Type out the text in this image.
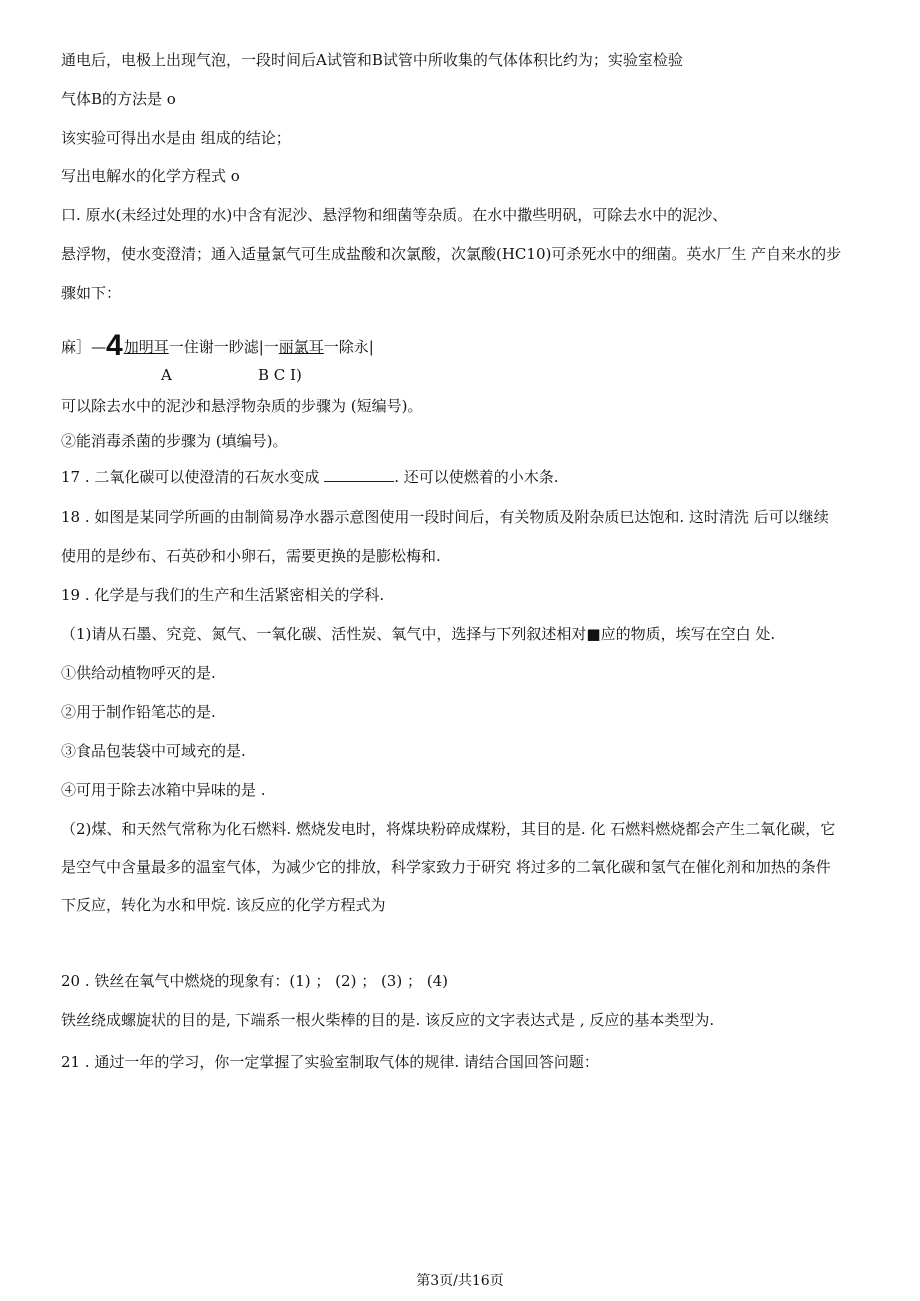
通电后，电极上出现气泡，一段时间后A试管和B试管中所收集的气体体积比约为；实验室检验
气体B的方法是 o
该实验可得出水是由 组成的结论；
写出电解水的化学方程式 o
口. 原水(未经过处理的水)中含有泥沙、悬浮物和细菌等杂质。在水中撒些明矾，可除去水中的泥沙、
悬浮物，使水变澄清；通入适量氯气可生成盐酸和次氯酸，次氯酸(HC10)可杀死水中的细菌。英水厂生 产自来水的步
骤如下：
麻］—4 加明耳一住谢一眇滤|一丽氯耳一除永|
A	B C I)
可以除去水中的泥沙和悬浮物杂质的步骤为 (短编号)。
②能消毒杀菌的步骤为 (填编号)。
17 . 二氧化碳可以使澄清的石灰水变成	. 还可以使燃着的小木条.
18 . 如图是某同学所画的由制简易净水器示意图使用一段时间后，有关物质及附杂质巳达饱和. 这时清洗 后可以继续
使用的是纱布、石英砂和小卵石，需要更换的是膨松梅和.
19 . 化学是与我们的生产和生活紧密相关的学科.
（1)请从石墨、究竞、氮气、一氧化碳、活性炭、氧气中，选择与下列叙述相对■应的物质，埃写在空白 处.
①供给动植物呼灭的是.
②用于制作铅笔芯的是.
③食品包装袋中可域充的是.
④可用于除去冰箱中异味的是 .
（2)煤、和天然气常称为化石燃料. 燃烧发电时，将煤块粉碎成煤粉，其目的是. 化 石燃料燃烧都会产生二氧化碳，它
是空气中含量最多的温室气体，为减少它的排放，科学家致力于研究 将过多的二氧化碳和氢气在催化剂和加热的条件
下反应，转化为水和甲烷. 该反应的化学方程式为
20 . 铁丝在氧气中燃烧的现象有：(1) ； (2) ； (3) ； (4)
铁丝绕成螺旋状的目的是, 下端系一根火柴棒的目的是. 该反应的文字表达式是 , 反应的基本类型为.
21 . 通过一年的学习，你一定掌握了实验室制取气体的规律. 请结合国回答问题：
第3页/共16页
